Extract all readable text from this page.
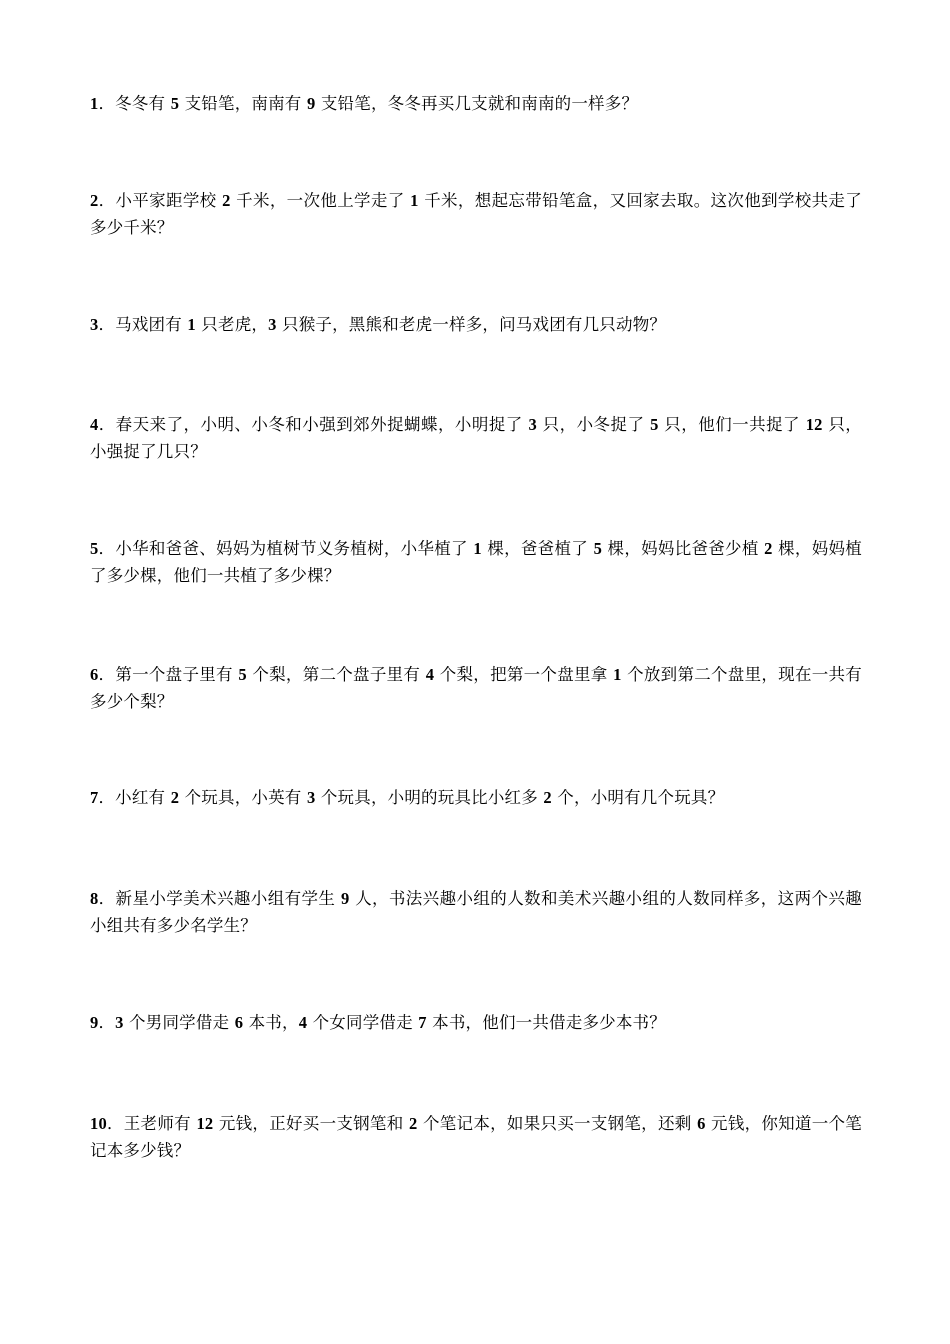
1．冬冬有 5 支铅笔，南南有 9 支铅笔，冬冬再买几支就和南南的一样多？

2．小平家距学校 2 千米，一次他上学走了 1 千米，想起忘带铅笔盒，又回家去取。这次他到学校共走了多少千米？

3．马戏团有 1 只老虎，3 只猴子，黑熊和老虎一样多，问马戏团有几只动物？

4．春天来了，小明、小冬和小强到郊外捉蝴蝶，小明捉了 3 只，小冬捉了 5 只，他们一共捉了 12 只，小强捉了几只？

5．小华和爸爸、妈妈为植树节义务植树，小华植了 1 棵，爸爸植了 5 棵，妈妈比爸爸少植 2 棵，妈妈植了多少棵，他们一共植了多少棵？

6．第一个盘子里有 5 个梨，第二个盘子里有 4 个梨，把第一个盘里拿 1 个放到第二个盘里，现在一共有多少个梨？

7．小红有 2 个玩具，小英有 3 个玩具，小明的玩具比小红多 2 个，小明有几个玩具？

8．新星小学美术兴趣小组有学生 9 人，书法兴趣小组的人数和美术兴趣小组的人数同样多，这两个兴趣小组共有多少名学生？

9．3 个男同学借走 6 本书，4 个女同学借走 7 本书，他们一共借走多少本书？

10．王老师有 12 元钱，正好买一支钢笔和 2 个笔记本，如果只买一支钢笔，还剩 6 元钱，你知道一个笔记本多少钱？
